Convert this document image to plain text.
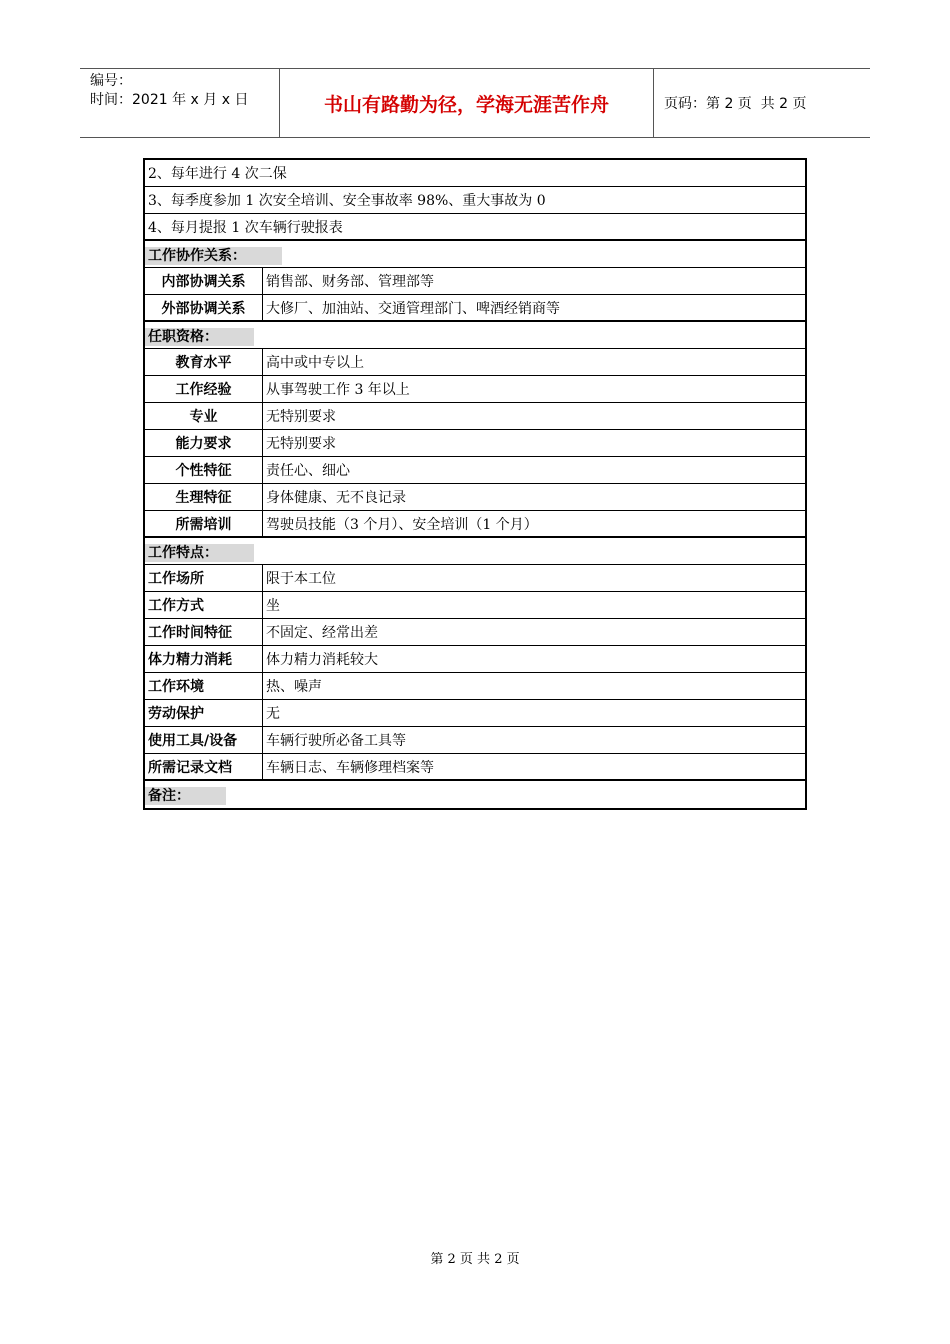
编号：
时间：2021 年 x 月 x 日	书山有路勤为径，学海无涯苦作舟	页码：第 2 页  共 2 页
2、每年进行 4 次二保
3、每季度参加 1 次安全培训、安全事故率 98%、重大事故为 0
4、每月提报 1 次车辆行驶报表
工作协作关系：
内部协调关系	销售部、财务部、管理部等
外部协调关系	大修厂、加油站、交通管理部门、啤酒经销商等
任职资格：
教育水平	高中或中专以上
工作经验	从事驾驶工作 3 年以上
专业	无特别要求
能力要求	无特别要求
个性特征	责任心、细心
生理特征	身体健康、无不良记录
所需培训	驾驶员技能（3 个月）、安全培训（1 个月）
工作特点：
工作场所	限于本工位
工作方式	坐
工作时间特征	不固定、经常出差
体力精力消耗	体力精力消耗较大
工作环境	热、噪声
劳动保护	无
使用工具/设备	车辆行驶所必备工具等
所需记录文档	车辆日志、车辆修理档案等
备注：
第 2 页 共 2 页
